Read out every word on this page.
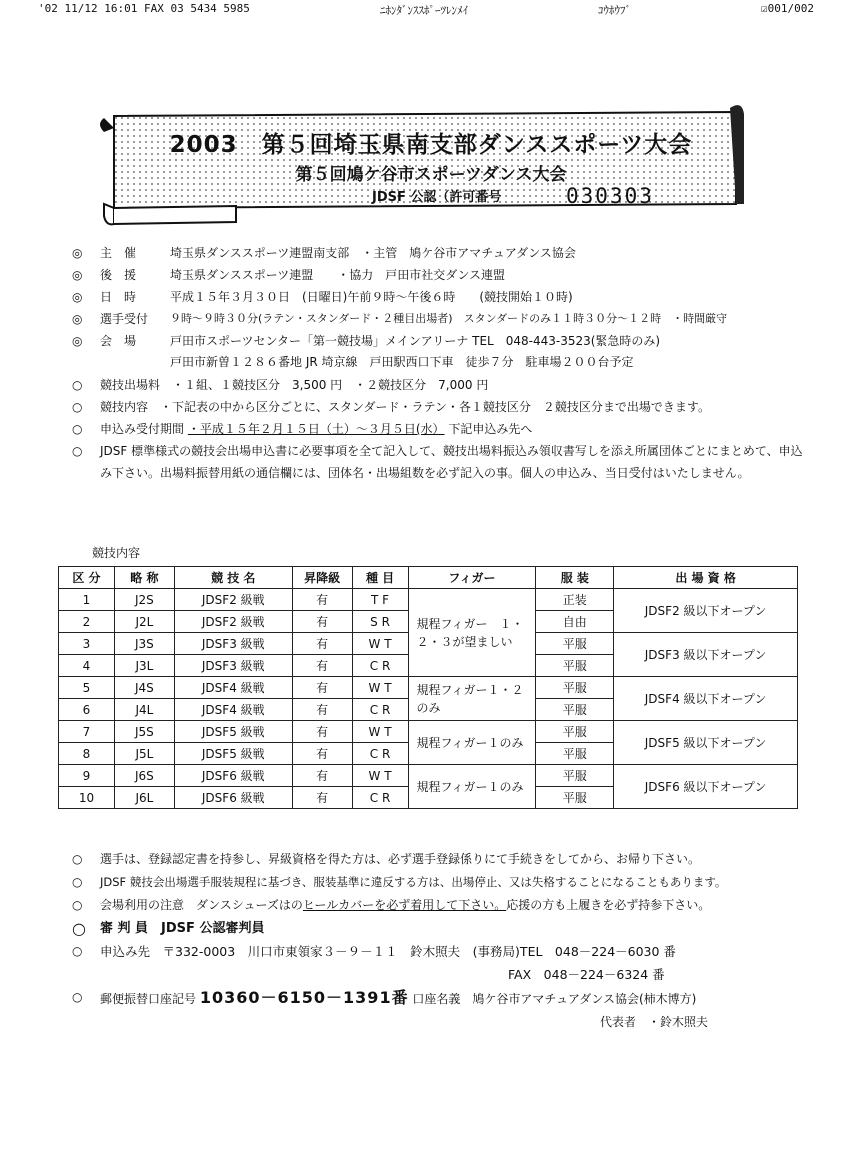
'02 11/12 16:01 FAX 03 5434 5985	ﾆﾎﾝﾀﾞﾝｽｽﾎﾟｰﾂﾚﾝﾒｲ	ｺｳﾎｳﾌﾞ	☑001/002
2003　第５回埼玉県南支部ダンススポーツ大会
第５回鳩ケ谷市スポーツダンス大会
JDSF 公認（許可番号	030303
◎	主　催	埼玉県ダンススポーツ連盟南支部　・主管　鳩ケ谷市アマチュアダンス協会
◎	後　援	埼玉県ダンススポーツ連盟　　・協力　戸田市社交ダンス連盟
◎	日　時	平成１５年３月３０日　(日曜日)午前９時～午後６時　　(競技開始１０時)
◎	選手受付	９時～９時３０分(ラテン・スタンダード・２種目出場者)　スタンダードのみ１１時３０分～１２時　・時間厳守
◎	会　場	戸田市スポーツセンター「第一競技場」メインアリーナ TEL　048-443-3523(緊急時のみ)
戸田市新曽１２８６番地 JR 埼京線　戸田駅西口下車　徒歩７分　駐車場２００台予定
○	競技出場料　・１組、１競技区分　3,500 円　・２競技区分　7,000 円
○	競技内容　・下記表の中から区分ごとに、スタンダード・ラテン・各１競技区分　２競技区分まで出場できます。
○	申込み受付期間 ・平成１５年２月１５日（土）～３月５日(水） 下記申込み先へ
○	JDSF 標準様式の競技会出場申込書に必要事項を全て記入して、競技出場料振込み領収書写しを添え所属団体ごとにまとめて、申込み下さい。出場料振替用紙の通信欄には、団体名・出場組数を必ず記入の事。個人の申込み、当日受付はいたしません。
競技内容
区 分	略 称	競 技 名	昇降級	種 目	フィガー	服 装	出 場 資 格
1	J2S	JDSF2 級戦	有	T F	規程フィガー　１・２・３が望ましい	正装	JDSF2 級以下オープン
2	J2L	JDSF2 級戦	有	S R		自由	
3	J3S	JDSF3 級戦	有	W T		平服	JDSF3 級以下オープン
4	J3L	JDSF3 級戦	有	C R		平服	
5	J4S	JDSF4 級戦	有	W T	規程フィガー１・２のみ	平服	JDSF4 級以下オープン
6	J4L	JDSF4 級戦	有	C R		平服	
7	J5S	JDSF5 級戦	有	W T	規程フィガー１のみ	平服	JDSF5 級以下オープン
8	J5L	JDSF5 級戦	有	C R		平服	
9	J6S	JDSF6 級戦	有	W T	規程フィガー１のみ	平服	JDSF6 級以下オープン
10	J6L	JDSF6 級戦	有	C R		平服	
○	選手は、登録認定書を持参し、昇級資格を得た方は、必ず選手登録係りにて手続きをしてから、お帰り下さい。
○	JDSF 競技会出場選手服装規程に基づき、服装基準に違反する方は、出場停止、又は失格することになることもあります。
○	会場利用の注意　ダンスシューズはのヒールカバーを必ず着用して下さい。応援の方も上履きを必ず持参下さい。
○	審 判 員　JDSF 公認審判員
○	申込み先　〒332-0003　川口市東領家３－９－１１　鈴木照夫　(事務局)TEL　048－224－6030 番
FAX　048－224－6324 番
○	郵便振替口座記号 10360－6150－1391番 口座名義　鳩ケ谷市アマチュアダンス協会(柿木博方)
代表者　・鈴木照夫
